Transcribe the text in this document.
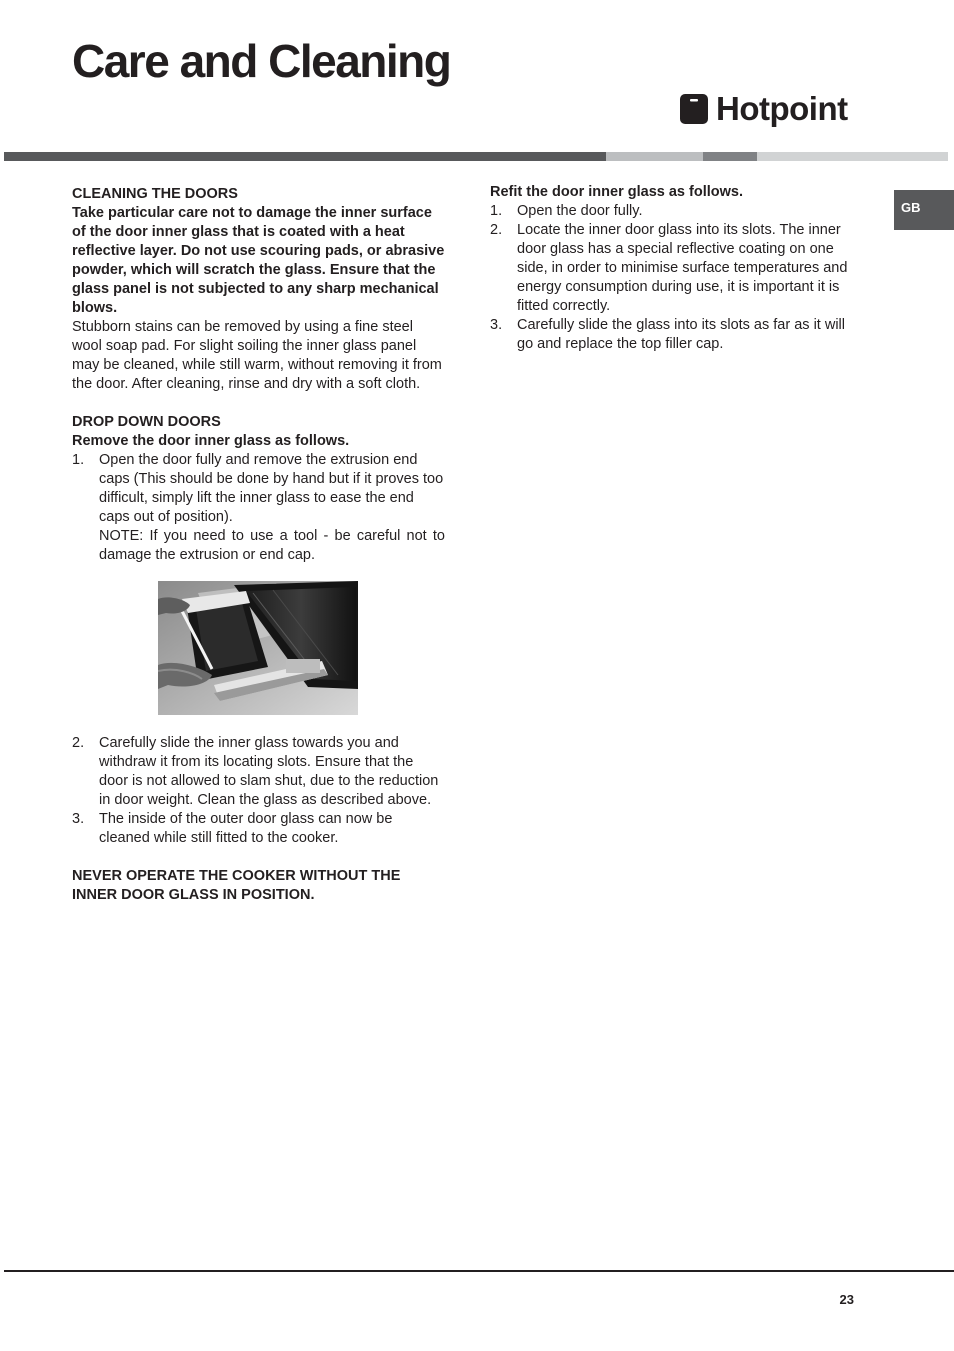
Care and Cleaning
Hotpoint
GB

CLEANING THE DOORS

Take particular care not to damage the inner surface of the door inner glass that is coated with a heat reflective layer. Do not use scouring pads, or abrasive powder, which will scratch the glass. Ensure that the glass panel is not subjected to any sharp mechanical blows.

Stubborn stains can be removed by using a fine steel wool soap pad. For slight soiling the inner glass panel may be cleaned, while still warm, without removing it from the door. After cleaning, rinse and dry with a soft cloth.

DROP DOWN DOORS

Remove the door inner glass as follows.

1.	Open the door fully and remove the extrusion end caps (This should be done by hand but if it proves too difficult, simply lift the inner glass to ease the end caps out of position).

NOTE: If you need to use a tool - be careful not to damage the extrusion or end cap.

2.	Carefully slide the inner glass towards you and withdraw it from its locating slots. Ensure that the door is not allowed to slam shut, due to the reduction in door weight. Clean the glass as described above.

3.	The inside of the outer door glass can now be cleaned while still fitted to the cooker.

NEVER OPERATE THE COOKER WITHOUT THE INNER DOOR GLASS IN POSITION.

Refit the door inner glass as follows.

1.	Open the door fully.

2.	Locate the inner door glass into its slots. The inner door glass has a special reflective coating on one side, in order to minimise surface temperatures and energy consumption during use, it is important it is fitted correctly.

3.	Carefully slide the glass into its slots as far as it will go and replace the top filler cap.

23
